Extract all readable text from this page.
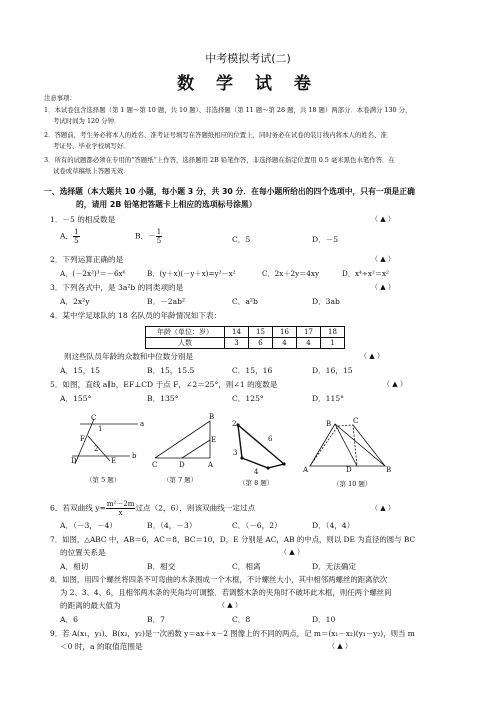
中考模拟考试(二)
数 学 试 卷
注意事项：
1．本试卷包含选择题（第 1 题～第 10 题，共 10 题）、非选择题（第 11 题～第 28 题，共 18 题）两部分．本卷满分 130 分，
考试时间为 120 分钟．
2．答题前，考生务必将本人的姓名、准考证号填写在答题纸相应的位置上，同时务必在试卷的装订线内将本人的姓名、准
考证号、毕业学校填写好．
3．所有的试题都必须在专用的“答题纸”上作答，选择题用 2B 铅笔作答，非选择题在指定位置用 0.5 毫米黑色水笔作答．在
试卷或草稿纸上答题无效．
一、选择题（本大题共 10 小题，每小题 3 分，共 30 分．在每小题所给出的四个选项中，只有一项是正确
的，请用 2B 铅笔把答题卡上相应的选项标号涂黑）
1．－5 的相反数是	（ ▲ ）
A． $\frac{1}{5}$	B．－ $\frac{1}{5}$	C．5	D．－5
2．下列运算正确的是	（ ▲ ）
A．(－2x²)³＝－6x⁶	B．(y＋x)(－y＋x)=y²－x²	C．2x＋2y＝4xy	D．x⁴÷x²＝x²
3．下列各式中，是 3a²b 的同类项的是	（ ▲ ）
A．2x²y	B．－2ab²	C．a²b	D．3ab
4．某中学足球队的 18 名队员的年龄情况如下表：
年龄（单位：岁）	14	15	16	17	18
人数	3	6	4	4	1
则这些队员年龄的众数和中位数分别是	（ ▲ ）
A．15，15	B．15，15.5	C．15，16	D．16，15
5．如图，直线 a∥b，EF⊥CD 于点 F，∠2＝25°，则∠1 的度数是	（ ▲ ）
A．155°	B．135°	C．125°	D．115°
C
a
1
F
2
D	E
b
（第 5 题）
B
E
C	D	A
（第 7 题）
2
6
3
4
（第 8 题）
B	C
A	D	B
（第 10 题）
6．若双曲线 $y= \frac{\text{m²－2m}}{x}$ 过点（2，6），则该双曲线一定过点	（ ▲ ）
A．（－3，－4）	B．（4，－3）	C．（－6，2）	D．（4，4）
7．如图，△ABC 中，AB＝6，AC＝8，BC＝10，D，E 分别是 AC，AB 的中点，则以 DE 为直径的圆与 BC
的位置关系是	（ ▲ ）
A．相切	B．相交	C．相离	D．无法确定
8．如图，用四个螺丝将四条不可弯曲的木条围成一个木框，不计螺丝大小，其中相邻两螺丝的距离依次
为 2、3、4、6，且相邻两木条的夹角均可调整．若调整木条的夹角时不破坏此木框，则任两个螺丝间
的距离的最大值为	（ ▲ ）
A．6	B．7	C．8	D．10
9．若 A(x₁，y₁)、B(x₂，y₂)是一次函数 y＝ax＋x－2 图像上的不同的两点，记 m＝(x₁－x₂)(y₁－y₂)，则当 m
＜0 时，a 的取值范围是	（ ▲ ）
